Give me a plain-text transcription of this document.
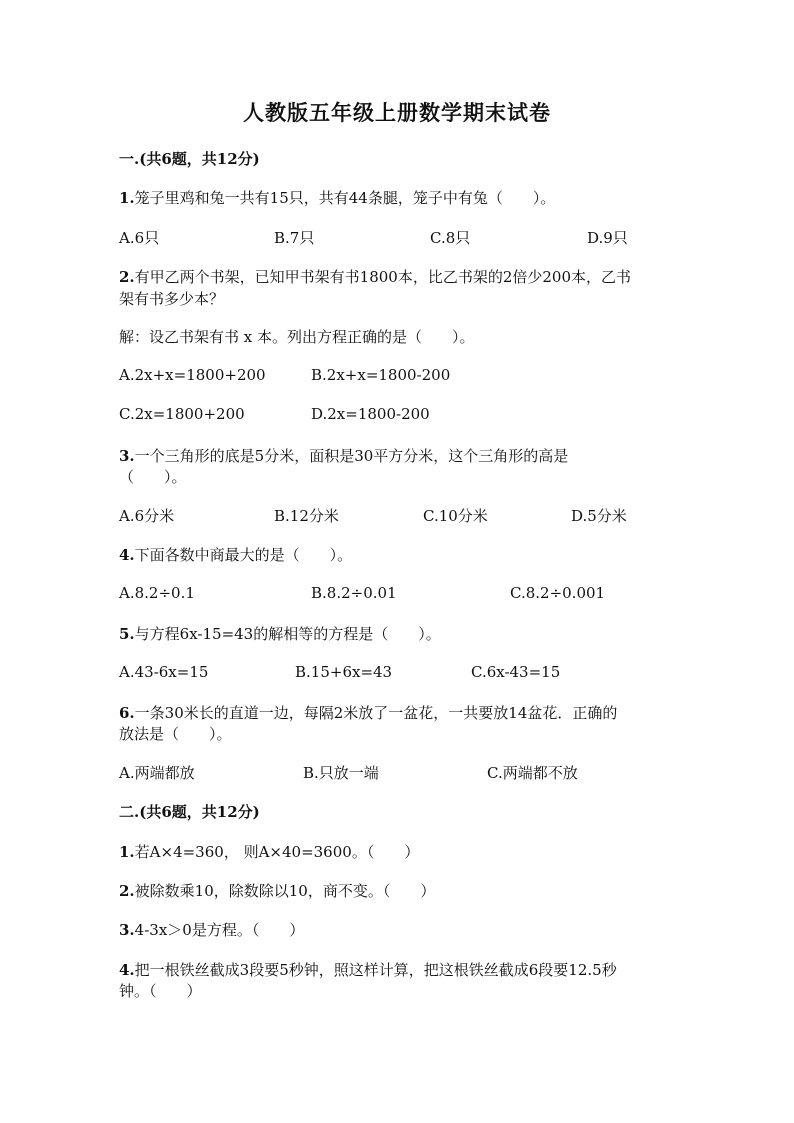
人教版五年级上册数学期末试卷
一.(共6题，共12分)
1.笼子里鸡和兔一共有15只，共有44条腿，笼子中有兔（　　）。
A.6只	B.7只	C.8只	D.9只
2.有甲乙两个书架，已知甲书架有书1800本，比乙书架的2倍少200本，乙书
架有书多少本？
解：设乙书架有书 x 本。列出方程正确的是（　　）。
A.2x+x=1800+200	B.2x+x=1800-200
C.2x=1800+200	D.2x=1800-200
3.一个三角形的底是5分米，面积是30平方分米，这个三角形的高是
（　　）。
A.6分米	B.12分米	C.10分米	D.5分米
4.下面各数中商最大的是（　　）。
A.8.2÷0.1	B.8.2÷0.01	C.8.2÷0.001
5.与方程6x-15=43的解相等的方程是（　　）。
A.43-6x=15	B.15+6x=43	C.6x-43=15
6.一条30米长的直道一边，每隔2米放了一盆花，一共要放14盆花．正确的
放法是（　　）。
A.两端都放	B.只放一端	C.两端都不放
二.(共6题，共12分)
1.若A×4=360， 则A×40=3600。（　　）
2.被除数乘10，除数除以10，商不变。（　　）
3.4-3x＞0是方程。（　　）
4.把一根铁丝截成3段要5秒钟，照这样计算，把这根铁丝截成6段要12.5秒
钟。（　　）
